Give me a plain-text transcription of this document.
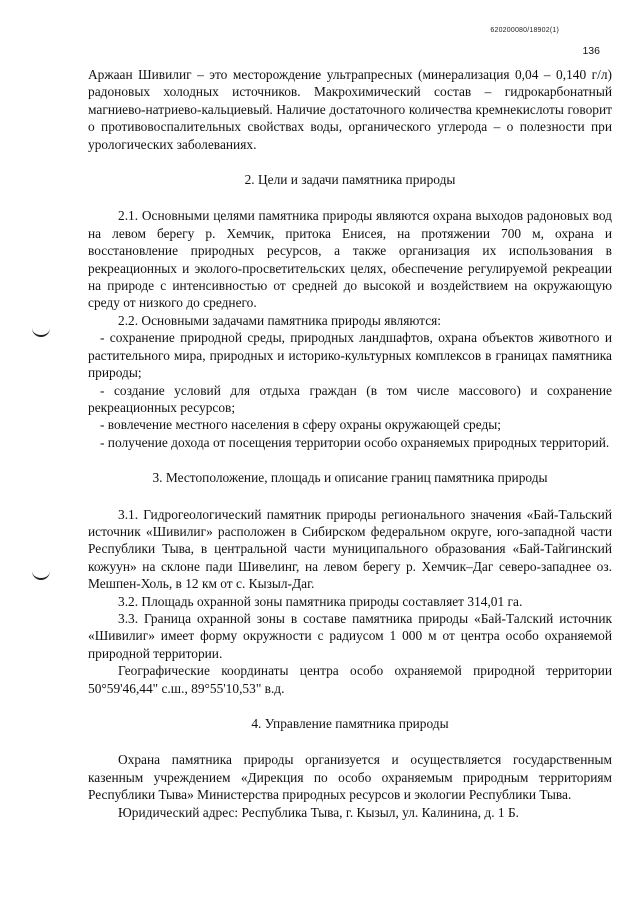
620200080/18902(1)
136

Аржаан Шивилиг – это месторождение ультрапресных (минерализация 0,04 – 0,140 г/л) радоновых холодных источников. Макрохимический состав – гидрокарбонатный магниево-натриево-кальциевый. Наличие достаточного количества кремнекислоты говорит о противовоспалительных свойствах воды, органического углерода – о полезности при урологических заболеваниях.

2. Цели и задачи памятника природы

2.1. Основными целями памятника природы являются охрана выходов радоновых вод на левом берегу р. Хемчик, притока Енисея, на протяжении 700 м, охрана и восстановление природных ресурсов, а также организация их использования в рекреационных и эколого-просветительских целях, обеспечение регулируемой рекреации на природе с интенсивностью от средней до высокой и воздействием на окружающую среду от низкого до среднего.

2.2. Основными задачами памятника природы являются:

- сохранение природной среды, природных ландшафтов, охрана объектов животного и растительного мира, природных и историко-культурных комплексов в границах памятника природы;

- создание условий для отдыха граждан (в том числе массового) и сохранение рекреационных ресурсов;

- вовлечение местного населения в сферу охраны окружающей среды;

- получение дохода от посещения территории особо охраняемых природных территорий.

3. Местоположение, площадь и описание границ памятника природы

3.1. Гидрогеологический памятник природы регионального значения «Бай-Тальский источник «Шивилиг» расположен в Сибирском федеральном округе, юго-западной части Республики Тыва, в центральной части муниципального образования «Бай-Тайгинский кожуун» на склоне пади Шивелинг, на левом берегу р. Хемчик–Даг северо-западнее оз. Мешпен-Холь, в 12 км от с. Кызыл-Даг.

3.2. Площадь охранной зоны памятника природы составляет 314,01 га.

3.3. Граница охранной зоны в составе памятника природы «Бай-Талский источник «Шивилиг» имеет форму окружности с радиусом 1 000 м от центра особо охраняемой природной территории.

Географические координаты центра особо охраняемой природной территории 50°59'46,44" с.ш., 89°55'10,53" в.д.

4. Управление памятника природы

Охрана памятника природы организуется и осуществляется государственным казенным учреждением «Дирекция по особо охраняемым природным территориям Республики Тыва» Министерства природных ресурсов и экологии Республики Тыва.

Юридический адрес: Республика Тыва, г. Кызыл, ул. Калинина, д. 1 Б.
